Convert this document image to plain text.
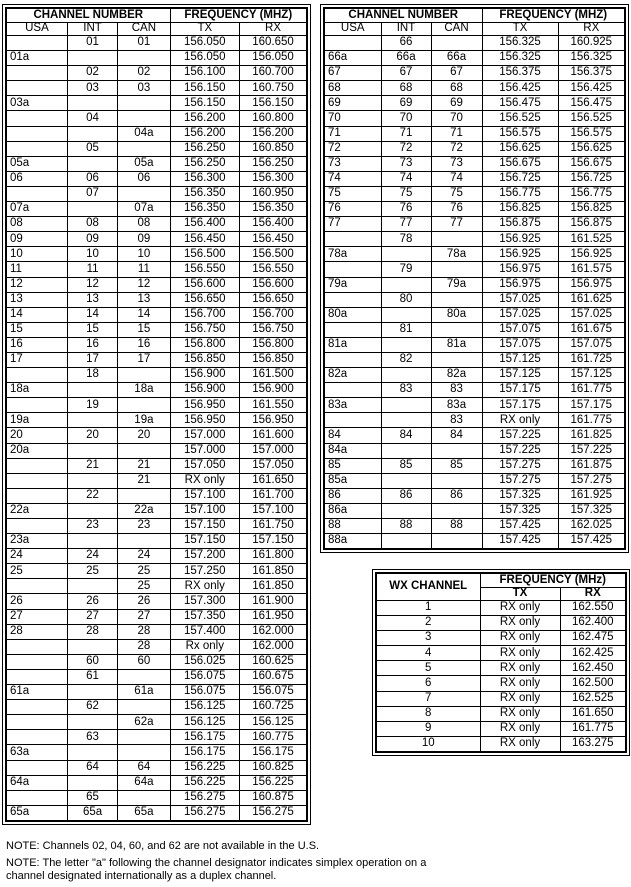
CHANNEL NUMBER			FREQUENCY (MHZ)	
USA	INT	CAN	TX	RX
	01	01	156.050	160.650
01a			156.050	156.050
	02	02	156.100	160.700
	03	03	156.150	160.750
03a			156.150	156.150
	04		156.200	160.800
		04a	156.200	156.200
	05		156.250	160.850
05a		05a	156.250	156.250
06	06	06	156.300	156.300
	07		156.350	160.950
07a		07a	156.350	156.350
08	08	08	156.400	156.400
09	09	09	156.450	156.450
10	10	10	156.500	156.500
11	11	11	156.550	156.550
12	12	12	156.600	156.600
13	13	13	156.650	156.650
14	14	14	156.700	156.700
15	15	15	156.750	156.750
16	16	16	156.800	156.800
17	17	17	156.850	156.850
	18		156.900	161.500
18a		18a	156.900	156.900
	19		156.950	161.550
19a		19a	156.950	156.950
20	20	20	157.000	161.600
20a			157.000	157.000
	21	21	157.050	157.050
		21	RX only	161.650
	22		157.100	161.700
22a		22a	157.100	157.100
	23	23	157.150	161.750
23a			157.150	157.150
24	24	24	157.200	161.800
25	25	25	157.250	161.850
		25	RX only	161.850
26	26	26	157.300	161.900
27	27	27	157.350	161.950
28	28	28	157.400	162.000
		28	Rx only	162.000
	60	60	156.025	160.625
	61		156.075	160.675
61a		61a	156.075	156.075
	62		156.125	160.725
		62a	156.125	156.125
	63		156.175	160.775
63a			156.175	156.175
	64	64	156.225	160.825
64a		64a	156.225	156.225
	65		156.275	160.875
65a	65a	65a	156.275	156.275
CHANNEL NUMBER			FREQUENCY (MHZ)	
USA	INT	CAN	TX	RX
	66		156.325	160.925
66a	66a	66a	156.325	156.325
67	67	67	156.375	156.375
68	68	68	156.425	156.425
69	69	69	156.475	156.475
70	70	70	156.525	156.525
71	71	71	156.575	156.575
72	72	72	156.625	156.625
73	73	73	156.675	156.675
74	74	74	156.725	156.725
75	75	75	156.775	156.775
76	76	76	156.825	156.825
77	77	77	156.875	156.875
	78		156.925	161.525
78a		78a	156.925	156.925
	79		156.975	161.575
79a		79a	156.975	156.975
	80		157.025	161.625
80a		80a	157.025	157.025
	81		157.075	161.675
81a		81a	157.075	157.075
	82		157.125	161.725
82a		82a	157.125	157.125
	83	83	157.175	161.775
83a		83a	157.175	157.175
		83	RX only	161.775
84	84	84	157.225	161.825
84a			157.225	157.225
85	85	85	157.275	161.875
85a			157.275	157.275
86	86	86	157.325	161.925
86a			157.325	157.325
88	88	88	157.425	162.025
88a			157.425	157.425
WX CHANNEL	FREQUENCY (MHz)	
	TX	RX
1	RX only	162.550
2	RX only	162.400
3	RX only	162.475
4	RX only	162.425
5	RX only	162.450
6	RX only	162.500
7	RX only	162.525
8	RX only	161.650
9	RX only	161.775
10	RX only	163.275
NOTE: Channels 02, 04, 60, and 62 are not available in the U.S.
NOTE: The letter "a" following the channel designator indicates simplex operation on a
channel designated internationally as a duplex channel.
